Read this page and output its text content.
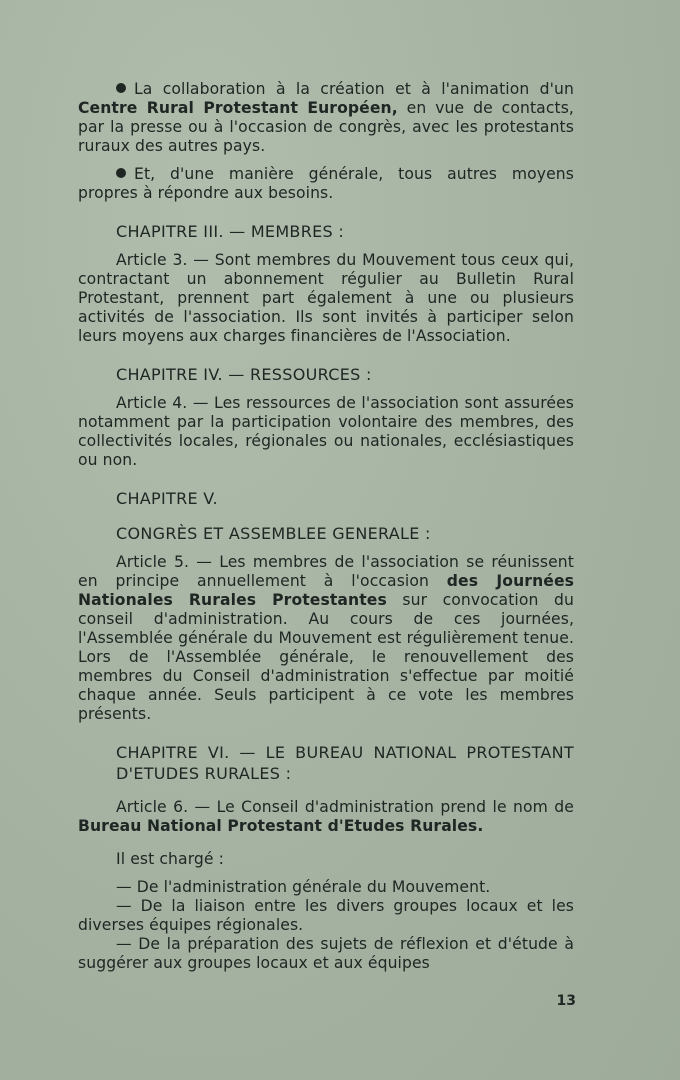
La collaboration à la création et à l'animation d'un Centre Rural Protestant Européen, en vue de contacts, par la presse ou à l'occasion de congrès, avec les protestants ruraux des autres pays.

Et, d'une manière générale, tous autres moyens propres à répondre aux besoins.

CHAPITRE III. — MEMBRES :

Article 3. — Sont membres du Mouvement tous ceux qui, contractant un abonnement régulier au Bulletin Rural Protestant, prennent part également à une ou plusieurs activités de l'association. Ils sont invités à participer selon leurs moyens aux charges financières de l'Association.

CHAPITRE IV. — RESSOURCES :

Article 4. — Les ressources de l'association sont assurées notamment par la participation volontaire des membres, des collectivités locales, régionales ou nationales, ecclésiastiques ou non.

CHAPITRE V.

CONGRÈS ET ASSEMBLEE GENERALE :

Article 5. — Les membres de l'association se réunissent en principe annuellement à l'occasion des Journées Nationales Rurales Protestantes sur convocation du conseil d'administration. Au cours de ces journées, l'Assemblée générale du Mouvement est régulièrement tenue. Lors de l'Assemblée générale, le renouvellement des membres du Conseil d'administration s'effectue par moitié chaque année. Seuls participent à ce vote les membres présents.

CHAPITRE VI. — LE BUREAU NATIONAL PROTESTANT D'ETUDES RURALES :

Article 6. — Le Conseil d'administration prend le nom de Bureau National Protestant d'Etudes Rurales.

Il est chargé :

— De l'administration générale du Mouvement.

— De la liaison entre les divers groupes locaux et les diverses équipes régionales.

— De la préparation des sujets de réflexion et d'étude à suggérer aux groupes locaux et aux équipes

13
